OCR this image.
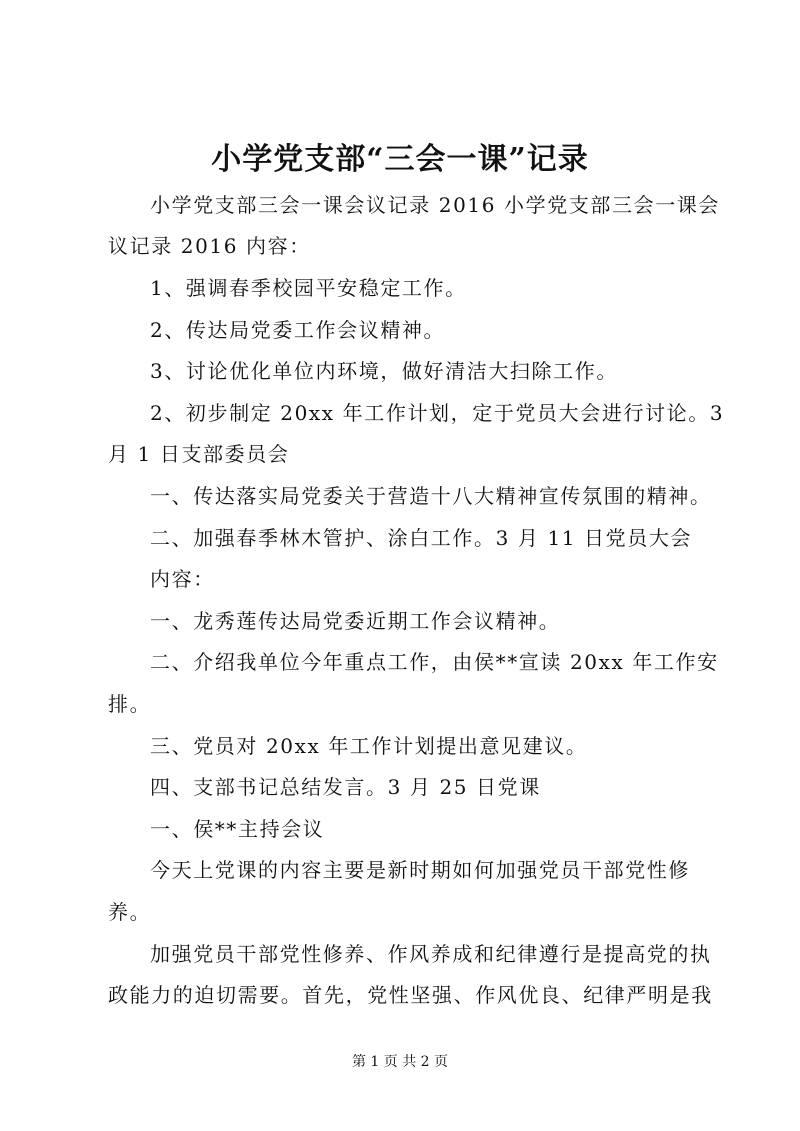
小学党支部“三会一课”记录
小学党支部三会一课会议记录 2016 小学党支部三会一课会
议记录 2016 内容：
1、强调春季校园平安稳定工作。
2、传达局党委工作会议精神。
3、讨论优化单位内环境，做好清洁大扫除工作。
2、初步制定 20xx 年工作计划，定于党员大会进行讨论。3
月 1 日支部委员会
一、传达落实局党委关于营造十八大精神宣传氛围的精神。
二、加强春季林木管护、涂白工作。3 月 11 日党员大会
内容：
一、龙秀莲传达局党委近期工作会议精神。
二、介绍我单位今年重点工作，由侯**宣读 20xx 年工作安
排。
三、党员对 20xx 年工作计划提出意见建议。
四、支部书记总结发言。3 月 25 日党课
一、侯**主持会议
今天上党课的内容主要是新时期如何加强党员干部党性修
养。
加强党员干部党性修养、作风养成和纪律遵行是提高党的执
政能力的迫切需要。首先，党性坚强、作风优良、纪律严明是我
第 1 页 共 2 页
